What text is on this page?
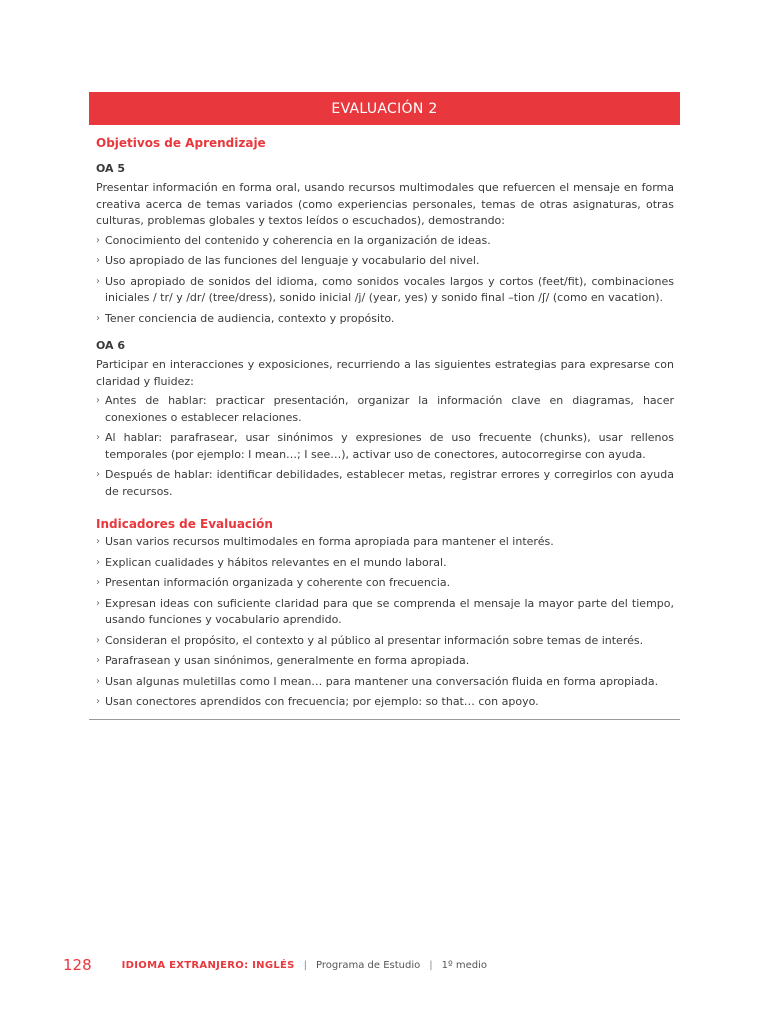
EVALUACIÓN 2
Objetivos de Aprendizaje
OA 5

Presentar información en forma oral, usando recursos multimodales que refuercen el mensaje en forma creativa acerca de temas variados (como experiencias personales, temas de otras asignaturas, otras culturas, problemas globales y textos leídos o escuchados), demostrando:

› Conocimiento del contenido y coherencia en la organización de ideas.
› Uso apropiado de las funciones del lenguaje y vocabulario del nivel.
› Uso apropiado de sonidos del idioma, como sonidos vocales largos y cortos (feet/fit), combinaciones iniciales / tr/ y /dr/ (tree/dress), sonido inicial /j/ (year, yes) y sonido final –tion /ʃ/ (como en vacation).
› Tener conciencia de audiencia, contexto y propósito.
OA 6

Participar en interacciones y exposiciones, recurriendo a las siguientes estrategias para expresarse con claridad y fluidez:

› Antes de hablar: practicar presentación, organizar la información clave en diagramas, hacer conexiones o establecer relaciones.
› Al hablar: parafrasear, usar sinónimos y expresiones de uso frecuente (chunks), usar rellenos temporales (por ejemplo: I mean…; I see…), activar uso de conectores, autocorregirse con ayuda.
› Después de hablar: identificar debilidades, establecer metas, registrar errores y corregirlos con ayuda de recursos.
Indicadores de Evaluación
› Usan varios recursos multimodales en forma apropiada para mantener el interés.
› Explican cualidades y hábitos relevantes en el mundo laboral.
› Presentan información organizada y coherente con frecuencia.
› Expresan ideas con suficiente claridad para que se comprenda el mensaje la mayor parte del tiempo, usando funciones y vocabulario aprendido.
› Consideran el propósito, el contexto y al público al presentar información sobre temas de interés.
› Parafrasean y usan sinónimos, generalmente en forma apropiada.
› Usan algunas muletillas como I mean… para mantener una conversación fluida en forma apropiada.
› Usan conectores aprendidos con frecuencia; por ejemplo: so that… con apoyo.
128	IDIOMA EXTRANJERO: INGLÉS | Programa de Estudio | 1º medio
